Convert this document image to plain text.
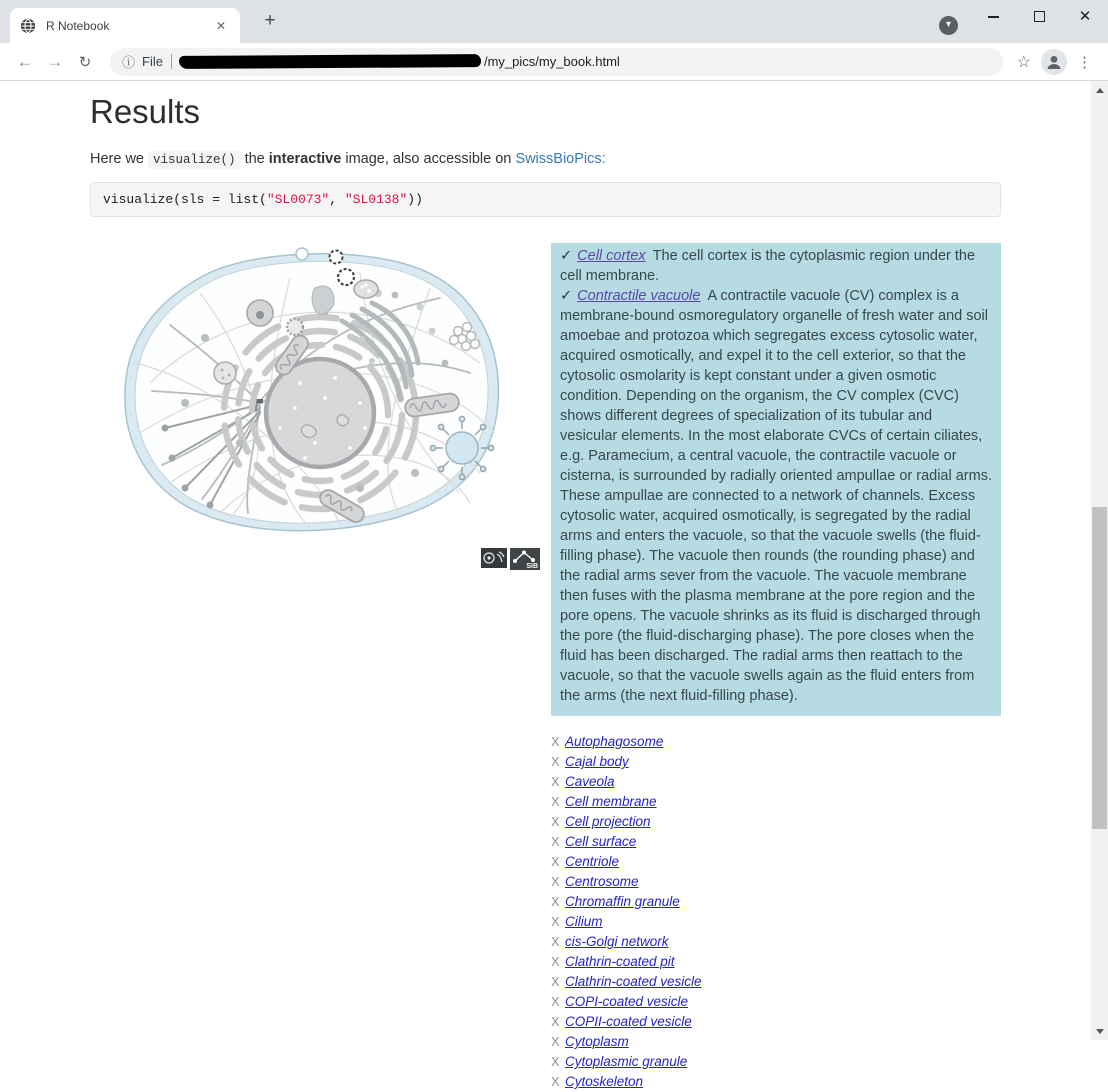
R Notebook	✕	+	▾	✕
← →	↻	ⓘ File	/my_pics/my_book.html	☆	⋮
Results

Here we visualize() the interactive image, also accessible on SwissBioPics:

visualize(sls = list("SL0073", "SL0138"))
SIB
✓ Cell cortex The cell cortex is the cytoplasmic region under the cell membrane.
✓ Contractile vacuole A contractile vacuole (CV) complex is a membrane-bound osmoregulatory organelle of fresh water and soil amoebae and protozoa which segregates excess cytosolic water, acquired osmotically, and expel it to the cell exterior, so that the cytosolic osmolarity is kept constant under a given osmotic condition. Depending on the organism, the CV complex (CVC) shows different degrees of specialization of its tubular and vesicular elements. In the most elaborate CVCs of certain ciliates, e.g. Paramecium, a central vacuole, the contractile vacuole or cisterna, is surrounded by radially oriented ampullae or radial arms. These ampullae are connected to a network of channels. Excess cytosolic water, acquired osmotically, is segregated by the radial arms and enters the vacuole, so that the vacuole swells (the fluid-filling phase). The vacuole then rounds (the rounding phase) and the radial arms sever from the vacuole. The vacuole membrane then fuses with the plasma membrane at the pore region and the pore opens. The vacuole shrinks as its fluid is discharged through the pore (the fluid-discharging phase). The pore closes when the fluid has been discharged. The radial arms then reattach to the vacuole, so that the vacuole swells again as the fluid enters from the arms (the next fluid-filling phase).
X Autophagosome
X Cajal body
X Caveola
X Cell membrane
X Cell projection
X Cell surface
X Centriole
X Centrosome
X Chromaffin granule
X Cilium
X cis-Golgi network
X Clathrin-coated pit
X Clathrin-coated vesicle
X COPI-coated vesicle
X COPII-coated vesicle
X Cytoplasm
X Cytoplasmic granule
X Cytoskeleton
